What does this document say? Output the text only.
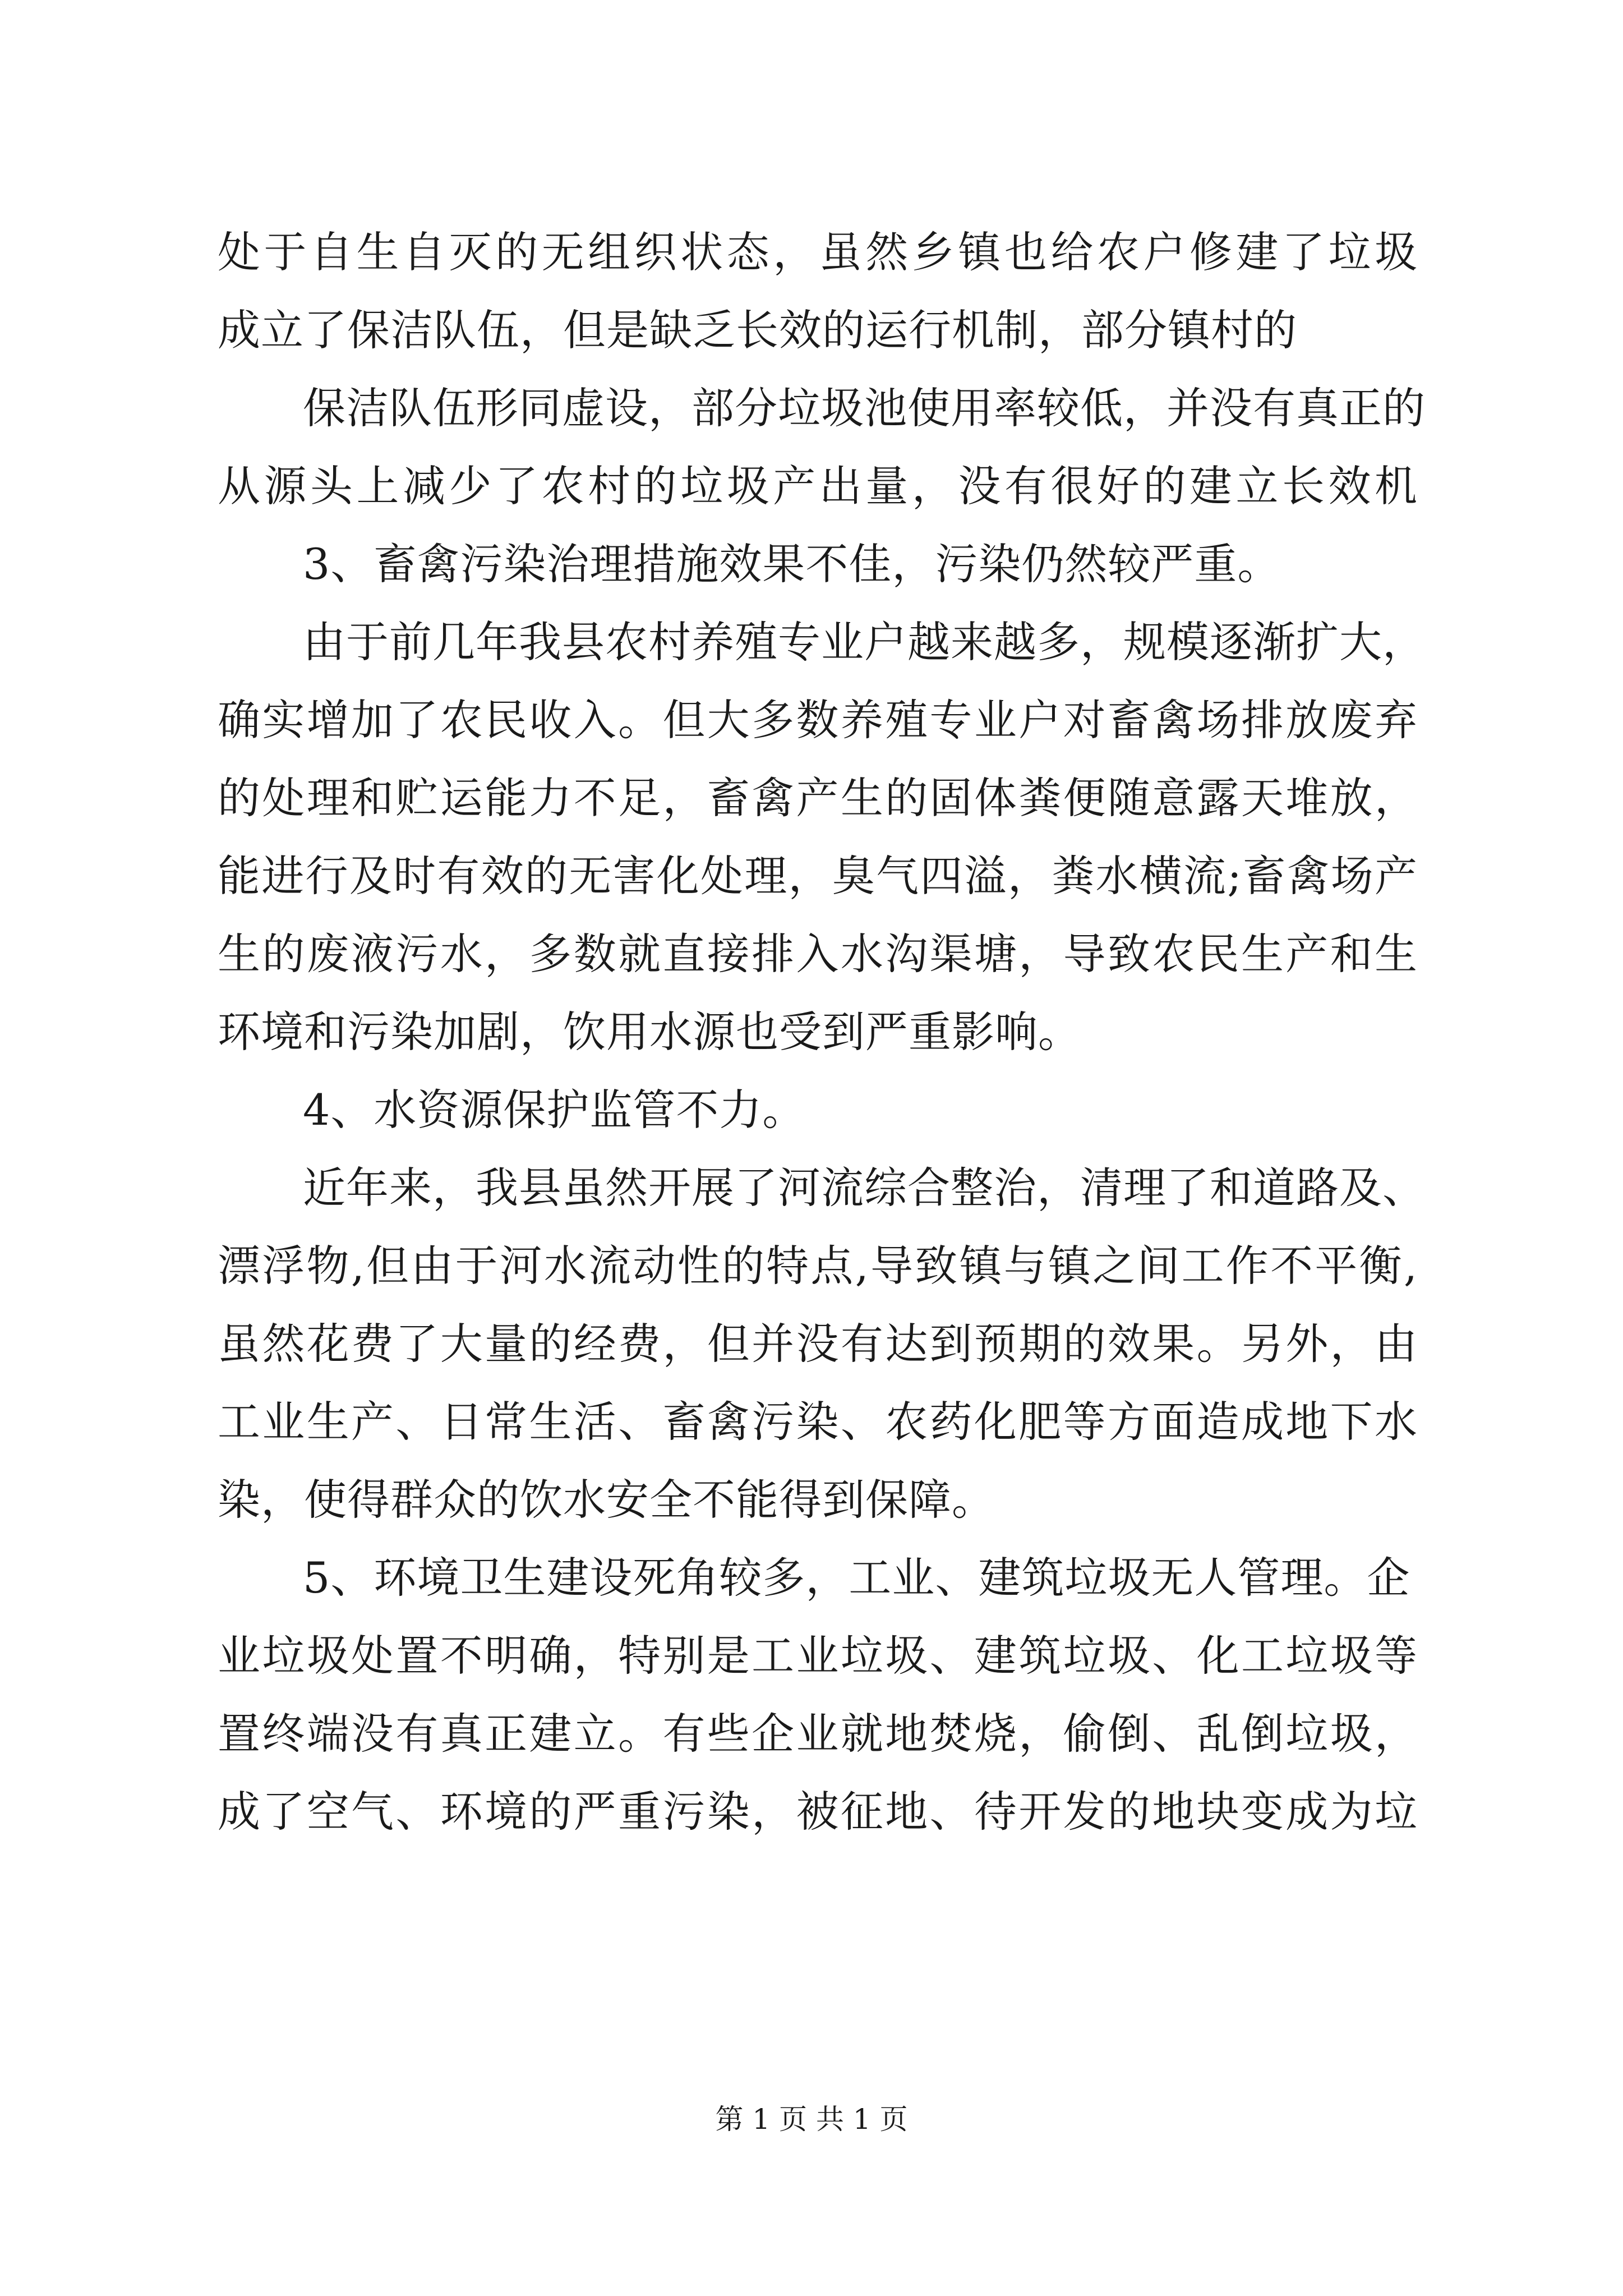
处于自生自灭的无组织状态，虽然乡镇也给农户修建了垃圾
成立了保洁队伍，但是缺乏长效的运行机制，部分镇村的
保洁队伍形同虚设，部分垃圾池使用率较低，并没有真正的
从源头上减少了农村的垃圾产出量，没有很好的建立长效机
3、畜禽污染治理措施效果不佳，污染仍然较严重。
由于前几年我县农村养殖专业户越来越多，规模逐渐扩大，
确实增加了农民收入。但大多数养殖专业户对畜禽场排放废弃
的处理和贮运能力不足，畜禽产生的固体粪便随意露天堆放，
能进行及时有效的无害化处理，臭气四溢，粪水横流;畜禽场产
生的废液污水，多数就直接排入水沟渠塘，导致农民生产和生
环境和污染加剧，饮用水源也受到严重影响。
4、水资源保护监管不力。
近年来，我县虽然开展了河流综合整治，清理了和道路及、
漂浮物,但由于河水流动性的特点,导致镇与镇之间工作不平衡,
虽然花费了大量的经费，但并没有达到预期的效果。另外，由
工业生产、日常生活、畜禽污染、农药化肥等方面造成地下水
染，使得群众的饮水安全不能得到保障。
5、环境卫生建设死角较多，工业、建筑垃圾无人管理。企
业垃圾处置不明确，特别是工业垃圾、建筑垃圾、化工垃圾等
置终端没有真正建立。有些企业就地焚烧，偷倒、乱倒垃圾，
成了空气、环境的严重污染，被征地、待开发的地块变成为垃
第 1 页 共 1 页
